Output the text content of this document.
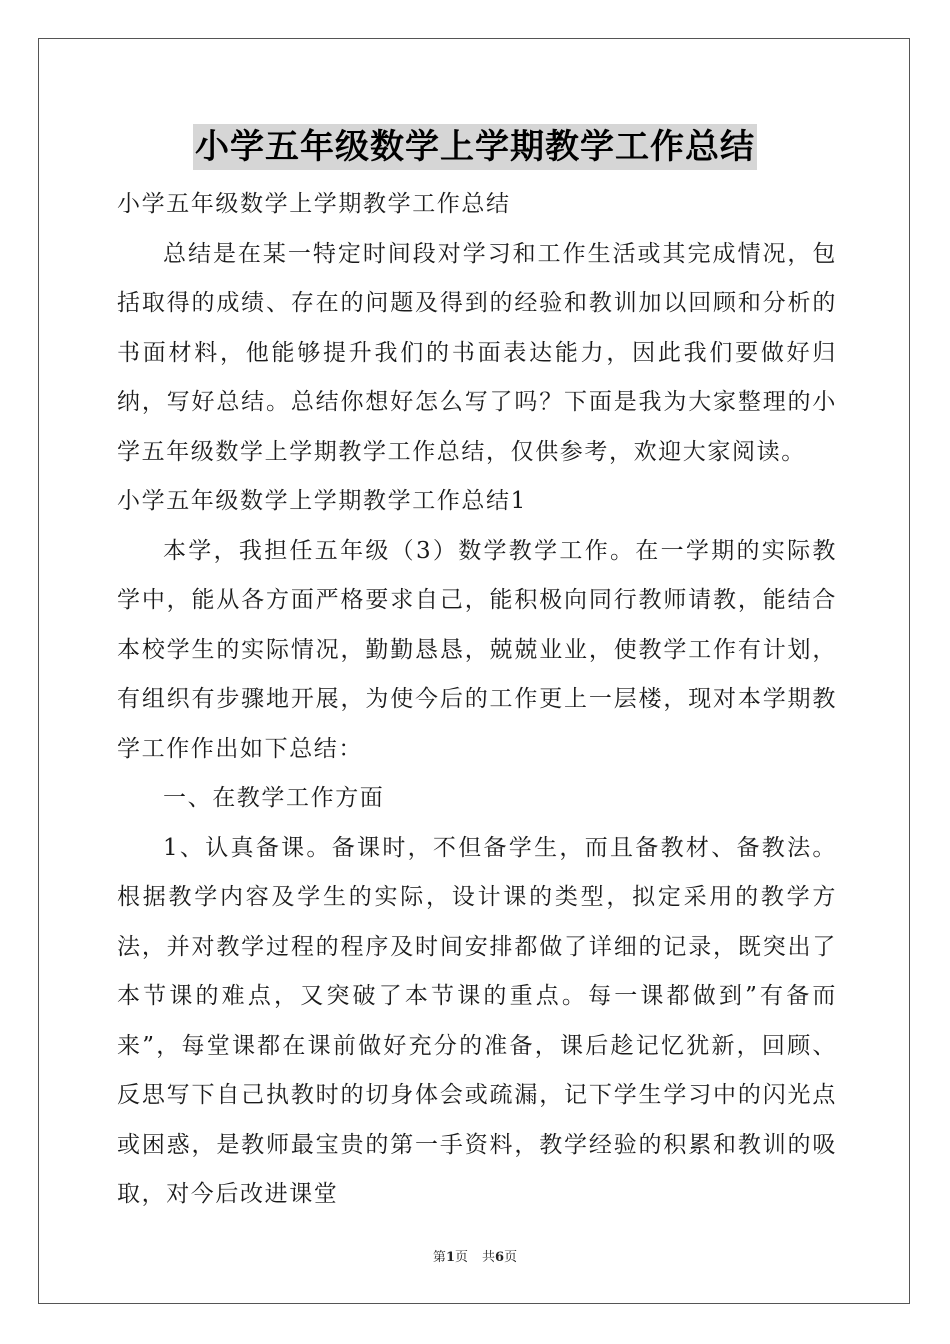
小学五年级数学上学期教学工作总结

小学五年级数学上学期教学工作总结

总结是在某一特定时间段对学习和工作生活或其完成情况，包括取得的成绩、存在的问题及得到的经验和教训加以回顾和分析的书面材料，他能够提升我们的书面表达能力，因此我们要做好归纳，写好总结。总结你想好怎么写了吗？下面是我为大家整理的小学五年级数学上学期教学工作总结，仅供参考，欢迎大家阅读。

小学五年级数学上学期教学工作总结1

本学，我担任五年级（3）数学教学工作。在一学期的实际教学中，能从各方面严格要求自己，能积极向同行教师请教，能结合本校学生的实际情况，勤勤恳恳，兢兢业业，使教学工作有计划，有组织有步骤地开展，为使今后的工作更上一层楼，现对本学期教学工作作出如下总结：

一、在教学工作方面

1、认真备课。备课时，不但备学生，而且备教材、备教法。根据教学内容及学生的实际，设计课的类型，拟定采用的教学方法，并对教学过程的程序及时间安排都做了详细的记录，既突出了本节课的难点，又突破了本节课的重点。每一课都做到”有备而来”，每堂课都在课前做好充分的准备，课后趁记忆犹新，回顾、反思写下自己执教时的切身体会或疏漏，记下学生学习中的闪光点或困惑，是教师最宝贵的第一手资料，教学经验的积累和教训的吸取，对今后改进课堂

第1页 共6页
